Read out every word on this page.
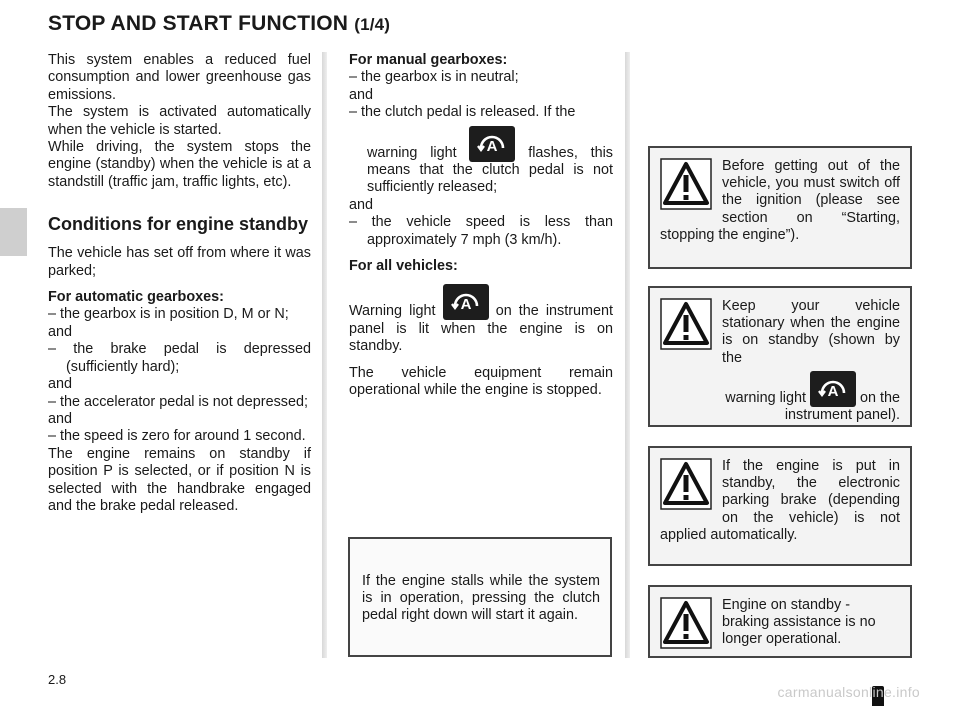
STOP AND START FUNCTION (1/4)

This system enables a reduced fuel consumption and lower greenhouse gas emissions.

The system is activated automatically when the vehicle is started.

While driving, the system stops the engine (standby) when the vehicle is at a standstill (traffic jam, traffic lights, etc).

Conditions for engine standby

The vehicle has set off from where it was parked;

For automatic gearboxes:

– the gearbox is in position D, M or N;

and

– the brake pedal is depressed (sufficiently hard);

and

– the accelerator pedal is not depressed;

and

– the speed is zero for around 1 second.

The engine remains on standby if position P is selected, or if position N is selected with the handbrake engaged and the brake pedal released.

For manual gearboxes:

– the gearbox is in neutral;

and

– the clutch pedal is released. If the

warning light A flashes, this means that the clutch pedal is not sufficiently released;

and

– the vehicle speed is less than approximately 7 mph (3 km/h).

For all vehicles:

Warning light A on the instrument panel is lit when the engine is on standby.

The vehicle equipment remain operational while the engine is stopped.

If the engine stalls while the system is in operation, pressing the clutch pedal right down will start it again.

Before getting out of the vehicle, you must switch off the ignition (please see section on “Starting, stopping the engine”).

Keep your vehicle stationary when the engine is on standby (shown by the

warning light A on the instrument panel).

If the engine is put in standby, the electronic parking brake (depending on the vehicle) is not applied automatically.

Engine on standby - braking assistance is no longer operational.

2.8
carmanualsonline.info
